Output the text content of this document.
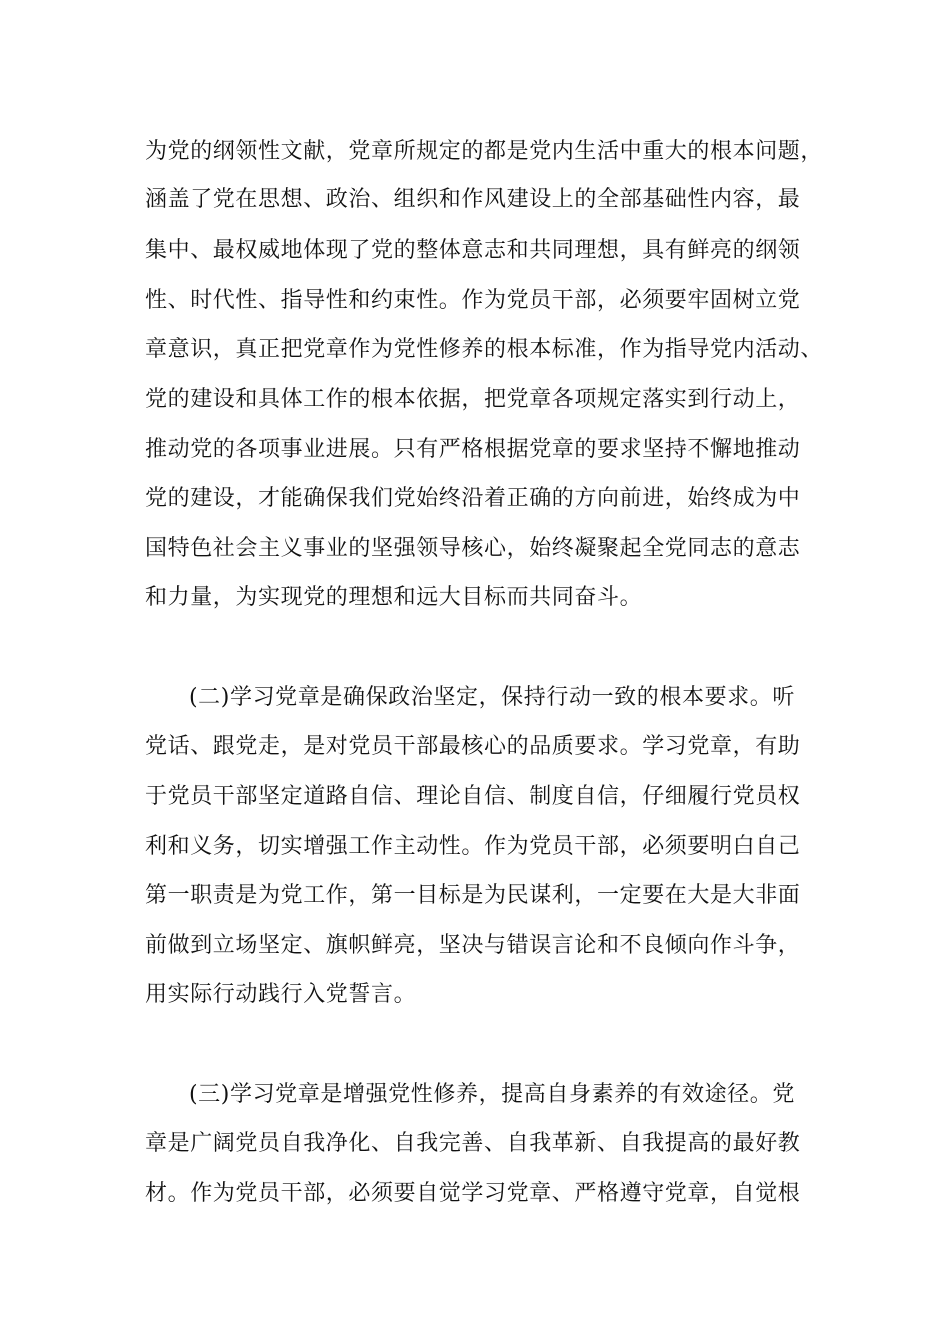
为党的纲领性文献，党章所规定的都是党内生活中重大的根本问题，
涵盖了党在思想、政治、组织和作风建设上的全部基础性内容，最
集中、最权威地体现了党的整体意志和共同理想，具有鲜亮的纲领
性、时代性、指导性和约束性。作为党员干部，必须要牢固树立党
章意识，真正把党章作为党性修养的根本标准，作为指导党内活动、
党的建设和具体工作的根本依据，把党章各项规定落实到行动上，
推动党的各项事业进展。只有严格根据党章的要求坚持不懈地推动
党的建设，才能确保我们党始终沿着正确的方向前进，始终成为中
国特色社会主义事业的坚强领导核心，始终凝聚起全党同志的意志
和力量，为实现党的理想和远大目标而共同奋斗。
(二)学习党章是确保政治坚定，保持行动一致的根本要求。听
党话、跟党走，是对党员干部最核心的品质要求。学习党章，有助
于党员干部坚定道路自信、理论自信、制度自信，仔细履行党员权
利和义务，切实增强工作主动性。作为党员干部，必须要明白自己
第一职责是为党工作，第一目标是为民谋利，一定要在大是大非面
前做到立场坚定、旗帜鲜亮，坚决与错误言论和不良倾向作斗争，
用实际行动践行入党誓言。
(三)学习党章是增强党性修养，提高自身素养的有效途径。党
章是广阔党员自我净化、自我完善、自我革新、自我提高的最好教
材。作为党员干部，必须要自觉学习党章、严格遵守党章，自觉根
